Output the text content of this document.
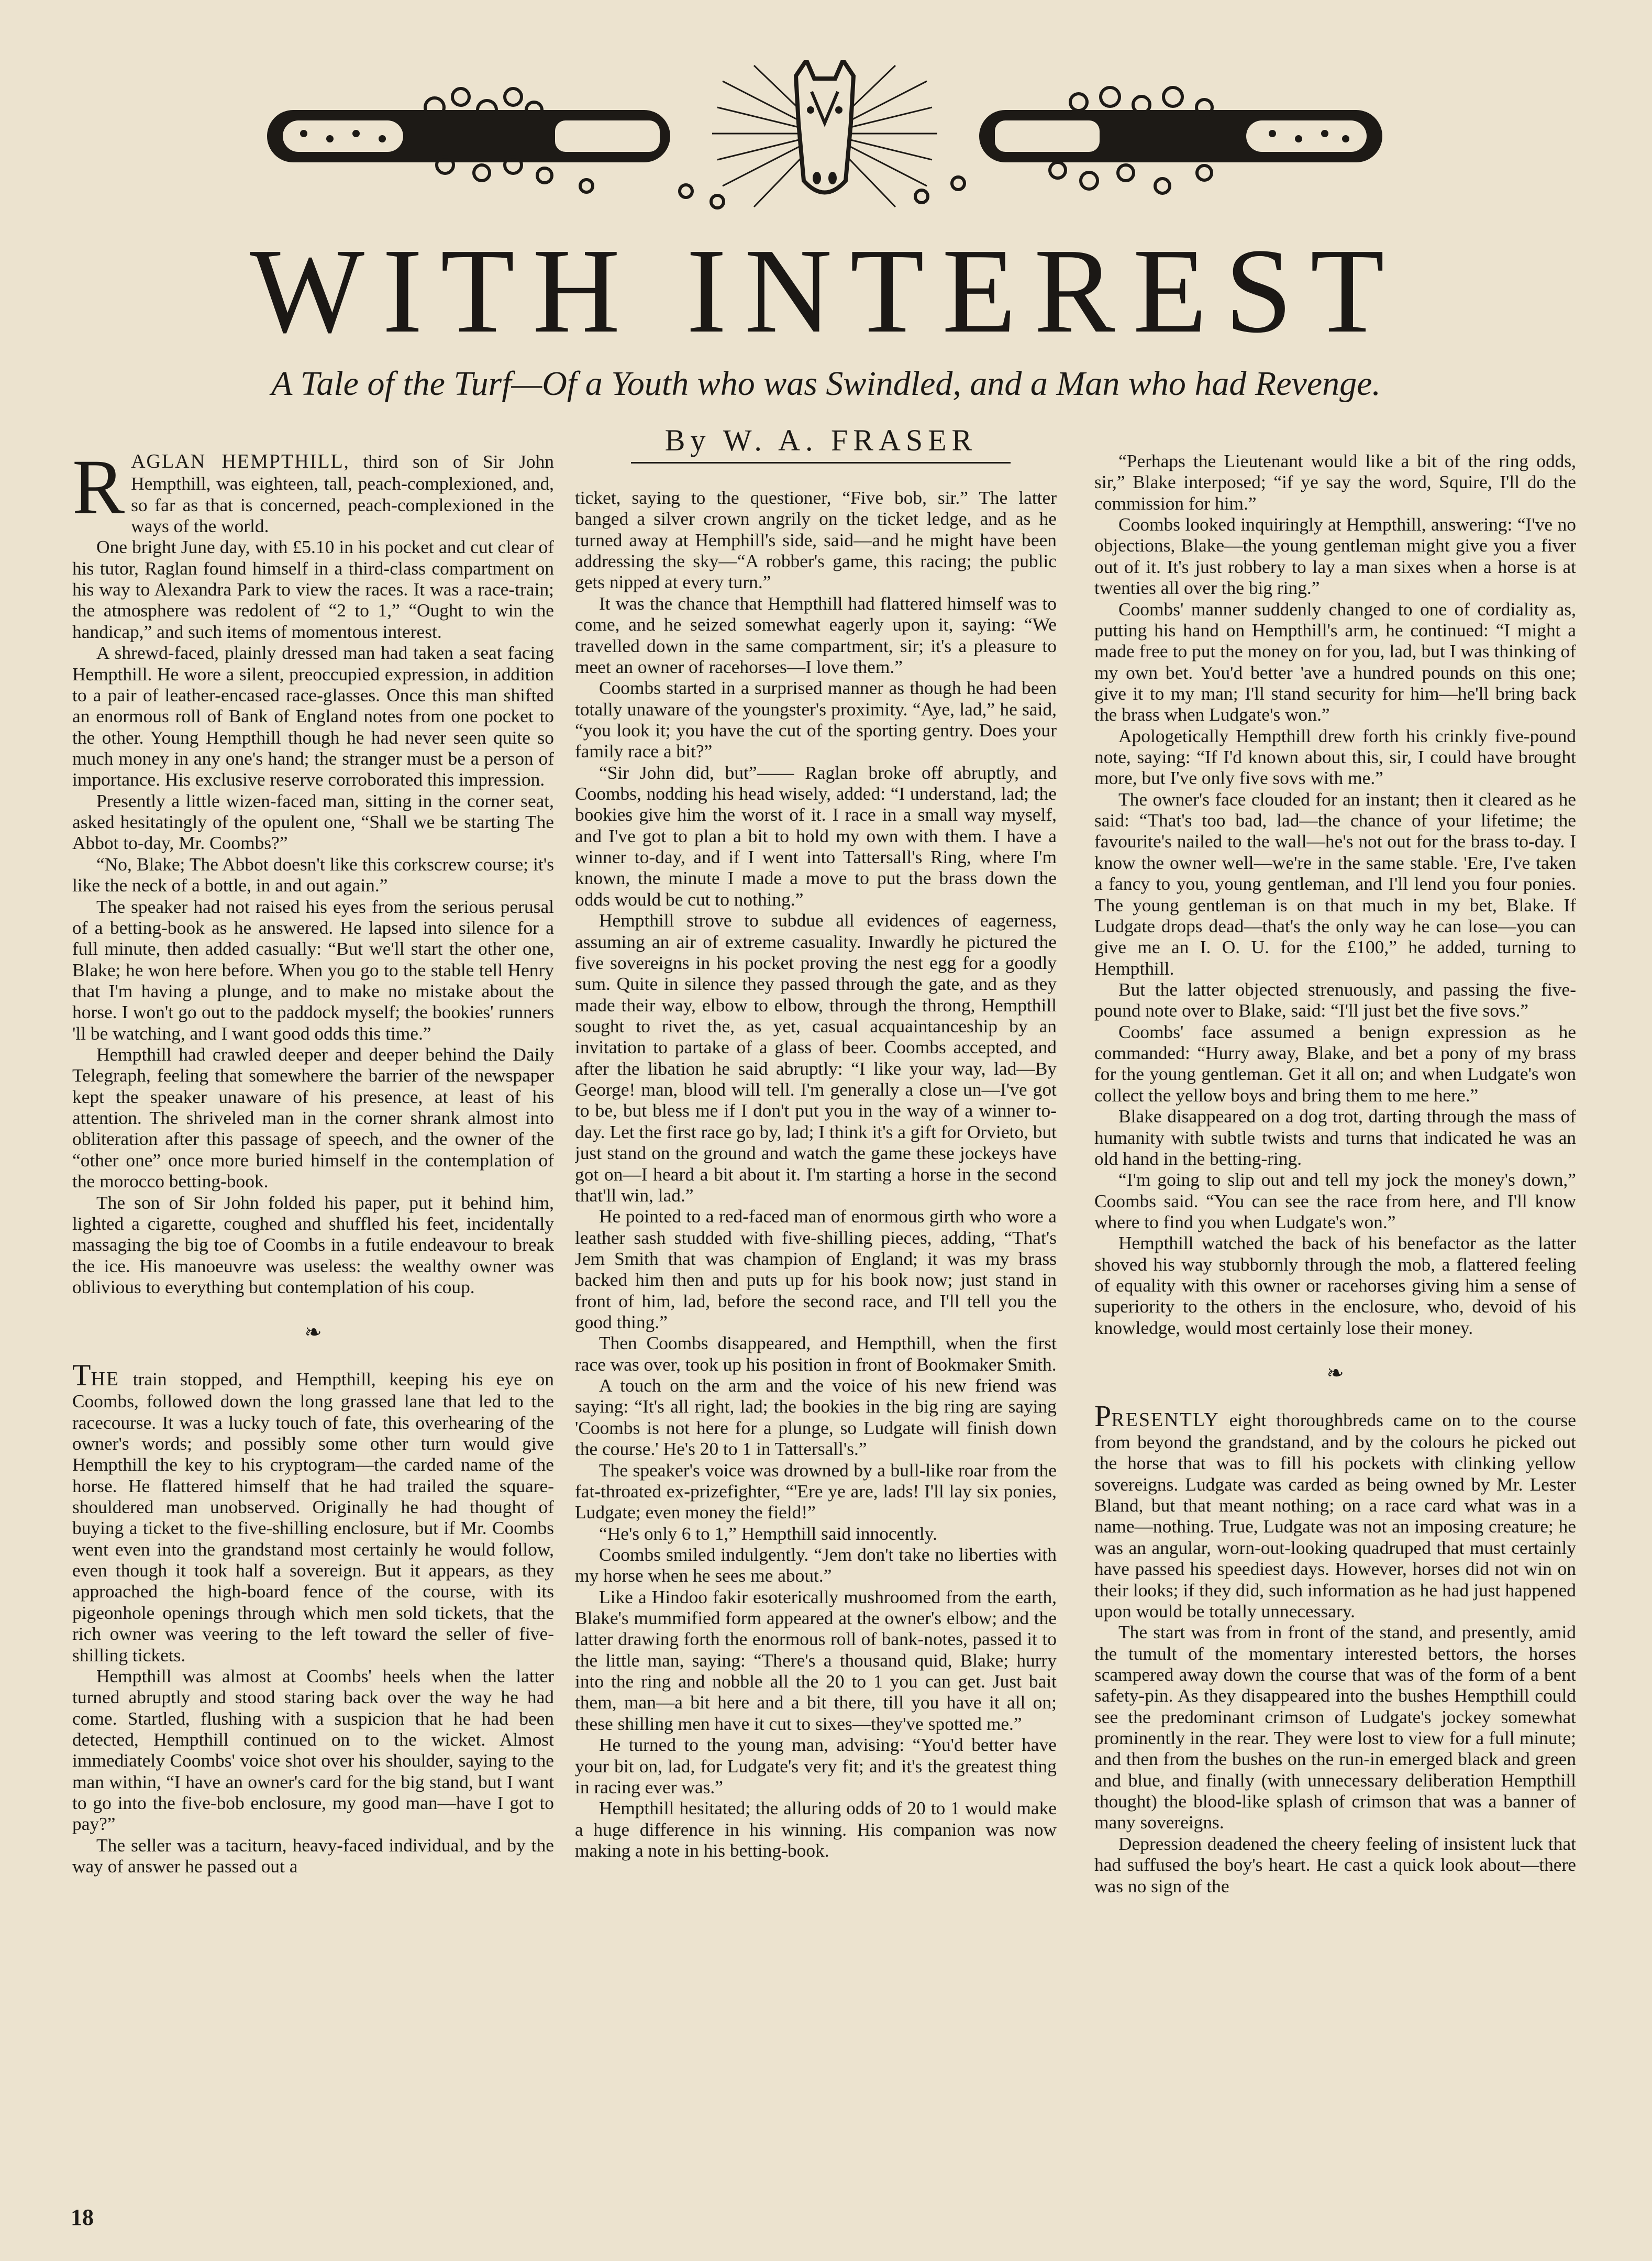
WITH INTEREST

A Tale of the Turf—Of a Youth who was Swindled, and a Man who had Revenge.

By W. A. FRASER

RAGLAN HEMPTHILL, third son of Sir John Hempthill, was eighteen, tall, peach-complexioned, and, so far as that is concerned, peach-complexioned in the ways of the world.

One bright June day, with £5.10 in his pocket and cut clear of his tutor, Raglan found himself in a third-class compartment on his way to Alexandra Park to view the races. It was a race-train; the atmosphere was redolent of “2 to 1,” “Ought to win the handicap,” and such items of momentous interest.

A shrewd-faced, plainly dressed man had taken a seat facing Hempthill. He wore a silent, preoccupied expression, in addition to a pair of leather-encased race-glasses. Once this man shifted an enormous roll of Bank of England notes from one pocket to the other. Young Hempthill though he had never seen quite so much money in any one's hand; the stranger must be a person of importance. His exclusive reserve corroborated this impression.

Presently a little wizen-faced man, sitting in the corner seat, asked hesitatingly of the opulent one, “Shall we be starting The Abbot to-day, Mr. Coombs?”

“No, Blake; The Abbot doesn't like this corkscrew course; it's like the neck of a bottle, in and out again.”

The speaker had not raised his eyes from the serious perusal of a betting-book as he answered. He lapsed into silence for a full minute, then added casually: “But we'll start the other one, Blake; he won here before. When you go to the stable tell Henry that I'm having a plunge, and to make no mistake about the horse. I won't go out to the paddock myself; the bookies' runners 'll be watching, and I want good odds this time.”

Hempthill had crawled deeper and deeper behind the Daily Telegraph, feeling that somewhere the barrier of the newspaper kept the speaker unaware of his presence, at least of his attention. The shriveled man in the corner shrank almost into obliteration after this passage of speech, and the owner of the “other one” once more buried himself in the contemplation of the morocco betting-book.

The son of Sir John folded his paper, put it behind him, lighted a cigarette, coughed and shuffled his feet, incidentally massaging the big toe of Coombs in a futile endeavour to break the ice. His manoeuvre was useless: the wealthy owner was oblivious to everything but contemplation of his coup.

❧

THE train stopped, and Hempthill, keeping his eye on Coombs, followed down the long grassed lane that led to the racecourse. It was a lucky touch of fate, this overhearing of the owner's words; and possibly some other turn would give Hempthill the key to his cryptogram—the carded name of the horse. He flattered himself that he had trailed the square-shouldered man unobserved. Originally he had thought of buying a ticket to the five-shilling enclosure, but if Mr. Coombs went even into the grandstand most certainly he would follow, even though it took half a sovereign. But it appears, as they approached the high-board fence of the course, with its pigeonhole openings through which men sold tickets, that the rich owner was veering to the left toward the seller of five-shilling tickets.

Hempthill was almost at Coombs' heels when the latter turned abruptly and stood staring back over the way he had come. Startled, flushing with a suspicion that he had been detected, Hempthill continued on to the wicket. Almost immediately Coombs' voice shot over his shoulder, saying to the man within, “I have an owner's card for the big stand, but I want to go into the five-bob enclosure, my good man—have I got to pay?”

The seller was a taciturn, heavy-faced individual, and by the way of answer he passed out a

ticket, saying to the questioner, “Five bob, sir.” The latter banged a silver crown angrily on the ticket ledge, and as he turned away at Hemphill's side, said—and he might have been addressing the sky—“A robber's game, this racing; the public gets nipped at every turn.”

It was the chance that Hempthill had flattered himself was to come, and he seized somewhat eagerly upon it, saying: “We travelled down in the same compartment, sir; it's a pleasure to meet an owner of racehorses—I love them.”

Coombs started in a surprised manner as though he had been totally unaware of the youngster's proximity. “Aye, lad,” he said, “you look it; you have the cut of the sporting gentry. Does your family race a bit?”

“Sir John did, but”—— Raglan broke off abruptly, and Coombs, nodding his head wisely, added: “I understand, lad; the bookies give him the worst of it. I race in a small way myself, and I've got to plan a bit to hold my own with them. I have a winner to-day, and if I went into Tattersall's Ring, where I'm known, the minute I made a move to put the brass down the odds would be cut to nothing.”

Hempthill strove to subdue all evidences of eagerness, assuming an air of extreme casuality. Inwardly he pictured the five sovereigns in his pocket proving the nest egg for a goodly sum. Quite in silence they passed through the gate, and as they made their way, elbow to elbow, through the throng, Hempthill sought to rivet the, as yet, casual acquaintanceship by an invitation to partake of a glass of beer. Coombs accepted, and after the libation he said abruptly: “I like your way, lad—By George! man, blood will tell. I'm generally a close un—I've got to be, but bless me if I don't put you in the way of a winner to-day. Let the first race go by, lad; I think it's a gift for Orvieto, but just stand on the ground and watch the game these jockeys have got on—I heard a bit about it. I'm starting a horse in the second that'll win, lad.”

He pointed to a red-faced man of enormous girth who wore a leather sash studded with five-shilling pieces, adding, “That's Jem Smith that was champion of England; it was my brass backed him then and puts up for his book now; just stand in front of him, lad, before the second race, and I'll tell you the good thing.”

Then Coombs disappeared, and Hempthill, when the first race was over, took up his position in front of Bookmaker Smith.

A touch on the arm and the voice of his new friend was saying: “It's all right, lad; the bookies in the big ring are saying 'Coombs is not here for a plunge, so Ludgate will finish down the course.' He's 20 to 1 in Tattersall's.”

The speaker's voice was drowned by a bull-like roar from the fat-throated ex-prizefighter, “'Ere ye are, lads! I'll lay six ponies, Ludgate; even money the field!”

“He's only 6 to 1,” Hempthill said innocently.

Coombs smiled indulgently. “Jem don't take no liberties with my horse when he sees me about.”

Like a Hindoo fakir esoterically mushroomed from the earth, Blake's mummified form appeared at the owner's elbow; and the latter drawing forth the enormous roll of bank-notes, passed it to the little man, saying: “There's a thousand quid, Blake; hurry into the ring and nobble all the 20 to 1 you can get. Just bait them, man—a bit here and a bit there, till you have it all on; these shilling men have it cut to sixes—they've spotted me.”

He turned to the young man, advising: “You'd better have your bit on, lad, for Ludgate's very fit; and it's the greatest thing in racing ever was.”

Hempthill hesitated; the alluring odds of 20 to 1 would make a huge difference in his winning. His companion was now making a note in his betting-book.

“Perhaps the Lieutenant would like a bit of the ring odds, sir,” Blake interposed; “if ye say the word, Squire, I'll do the commission for him.”

Coombs looked inquiringly at Hempthill, answering: “I've no objections, Blake—the young gentleman might give you a fiver out of it. It's just robbery to lay a man sixes when a horse is at twenties all over the big ring.”

Coombs' manner suddenly changed to one of cordiality as, putting his hand on Hempthill's arm, he continued: “I might a made free to put the money on for you, lad, but I was thinking of my own bet. You'd better 'ave a hundred pounds on this one; give it to my man; I'll stand security for him—he'll bring back the brass when Ludgate's won.”

Apologetically Hempthill drew forth his crinkly five-pound note, saying: “If I'd known about this, sir, I could have brought more, but I've only five sovs with me.”

The owner's face clouded for an instant; then it cleared as he said: “That's too bad, lad—the chance of your lifetime; the favourite's nailed to the wall—he's not out for the brass to-day. I know the owner well—we're in the same stable. 'Ere, I've taken a fancy to you, young gentleman, and I'll lend you four ponies. The young gentleman is on that much in my bet, Blake. If Ludgate drops dead—that's the only way he can lose—you can give me an I. O. U. for the £100,” he added, turning to Hempthill.

But the latter objected strenuously, and passing the five-pound note over to Blake, said: “I'll just bet the five sovs.”

Coombs' face assumed a benign expression as he commanded: “Hurry away, Blake, and bet a pony of my brass for the young gentleman. Get it all on; and when Ludgate's won collect the yellow boys and bring them to me here.”

Blake disappeared on a dog trot, darting through the mass of humanity with subtle twists and turns that indicated he was an old hand in the betting-ring.

“I'm going to slip out and tell my jock the money's down,” Coombs said. “You can see the race from here, and I'll know where to find you when Ludgate's won.”

Hempthill watched the back of his benefactor as the latter shoved his way stubbornly through the mob, a flattered feeling of equality with this owner or racehorses giving him a sense of superiority to the others in the enclosure, who, devoid of his knowledge, would most certainly lose their money.

❧

PRESENTLY eight thoroughbreds came on to the course from beyond the grandstand, and by the colours he picked out the horse that was to fill his pockets with clinking yellow sovereigns. Ludgate was carded as being owned by Mr. Lester Bland, but that meant nothing; on a race card what was in a name—nothing. True, Ludgate was not an imposing creature; he was an angular, worn-out-looking quadruped that must certainly have passed his speediest days. However, horses did not win on their looks; if they did, such information as he had just happened upon would be totally unnecessary.

The start was from in front of the stand, and presently, amid the tumult of the momentary interested bettors, the horses scampered away down the course that was of the form of a bent safety-pin. As they disappeared into the bushes Hempthill could see the predominant crimson of Ludgate's jockey somewhat prominently in the rear. They were lost to view for a full minute; and then from the bushes on the run-in emerged black and green and blue, and finally (with unnecessary deliberation Hempthill thought) the blood-like splash of crimson that was a banner of many sovereigns.

Depression deadened the cheery feeling of insistent luck that had suffused the boy's heart. He cast a quick look about—there was no sign of the

18
